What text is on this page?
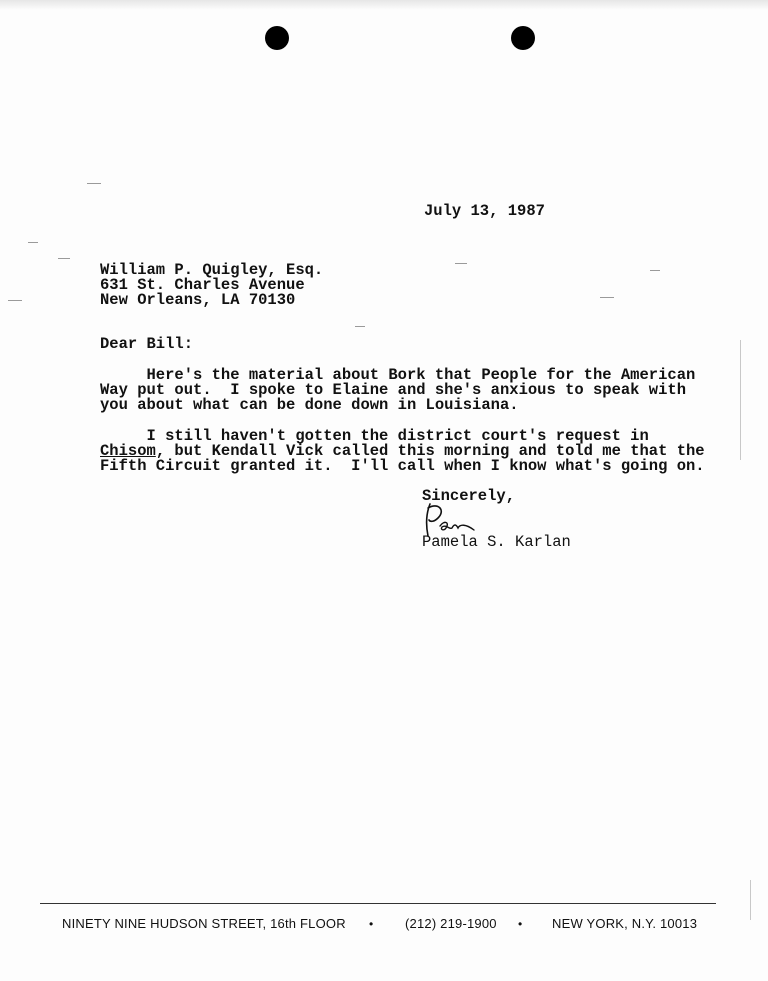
July 13, 1987
William P. Quigley, Esq.
631 St. Charles Avenue
New Orleans, LA 70130
Dear Bill:
Here's the material about Bork that People for the American
Way put out.  I spoke to Elaine and she's anxious to speak with
you about what can be done down in Louisiana.
I still haven't gotten the district court's request in
Chisom, but Kendall Vick called this morning and told me that the
Fifth Circuit granted it.  I'll call when I know what's going on.
Sincerely,
Pamela S. Karlan
NINETY NINE HUDSON STREET, 16th FLOOR • (212) 219-1900 • NEW YORK, N.Y. 10013
